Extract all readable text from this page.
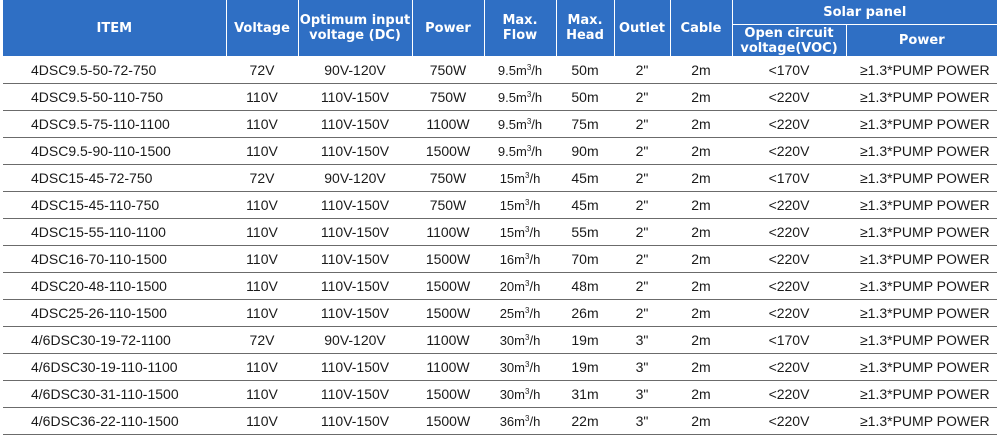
ITEM	Voltage	Optimum input voltage (DC)	Power	Max. Flow	Max. Head	Outlet	Cable	Solar panel	
								Open circuit voltage(VOC)	Power
4DSC9.5-50-72-750	72V	90V-120V	750W	$9.5m^3/h$	50m	2"	2m	<170V	≥1.3*PUMP POWER
4DSC9.5-50-110-750	110V	110V-150V	750W	$9.5m^3/h$	50m	2"	2m	<220V	≥1.3*PUMP POWER
4DSC9.5-75-110-1100	110V	110V-150V	1100W	$9.5m^3/h$	75m	2"	2m	<220V	≥1.3*PUMP POWER
4DSC9.5-90-110-1500	110V	110V-150V	1500W	$9.5m^3/h$	90m	2"	2m	<220V	≥1.3*PUMP POWER
4DSC15-45-72-750	72V	90V-120V	750W	$15m^3/h$	45m	2"	2m	<170V	≥1.3*PUMP POWER
4DSC15-45-110-750	110V	110V-150V	750W	$15m^3/h$	45m	2"	2m	<220V	≥1.3*PUMP POWER
4DSC15-55-110-1100	110V	110V-150V	1100W	$15m^3/h$	55m	2"	2m	<220V	≥1.3*PUMP POWER
4DSC16-70-110-1500	110V	110V-150V	1500W	$16m^3/h$	70m	2"	2m	<220V	≥1.3*PUMP POWER
4DSC20-48-110-1500	110V	110V-150V	1500W	$20m^3/h$	48m	2"	2m	<220V	≥1.3*PUMP POWER
4DSC25-26-110-1500	110V	110V-150V	1500W	$25m^3/h$	26m	2"	2m	<220V	≥1.3*PUMP POWER
4/6DSC30-19-72-1100	72V	90V-120V	1100W	$30m^3/h$	19m	3"	2m	<170V	≥1.3*PUMP POWER
4/6DSC30-19-110-1100	110V	110V-150V	1100W	$30m^3/h$	19m	3"	2m	<220V	≥1.3*PUMP POWER
4/6DSC30-31-110-1500	110V	110V-150V	1500W	$30m^3/h$	31m	3"	2m	<220V	≥1.3*PUMP POWER
4/6DSC36-22-110-1500	110V	110V-150V	1500W	$36m^3/h$	22m	3"	2m	<220V	≥1.3*PUMP POWER
